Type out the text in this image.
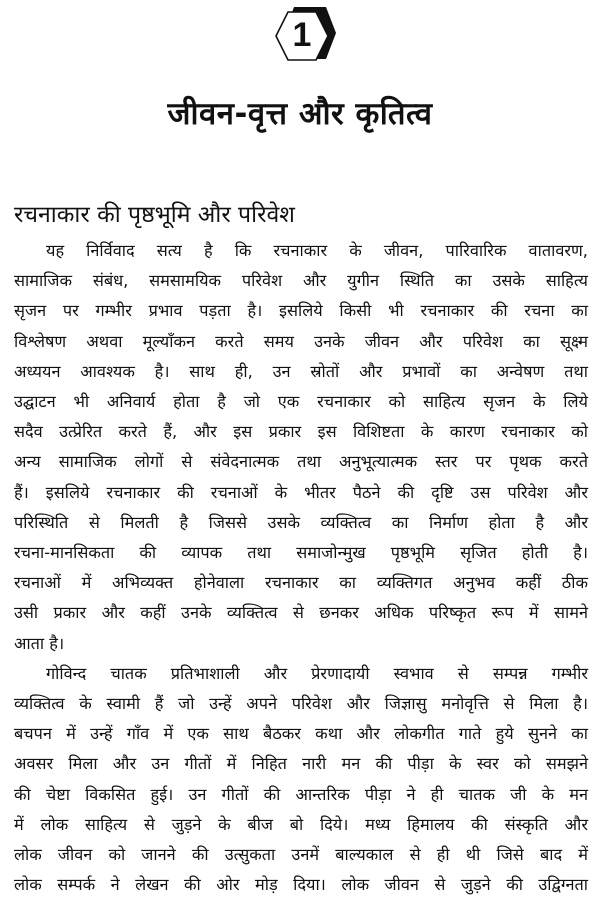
1
जीवन-वृत्त और कृतित्व
रचनाकार की पृष्ठभूमि और परिवेश

यह निर्विवाद सत्य है कि रचनाकार के जीवन, पारिवारिक वातावरण,
सामाजिक संबंध, समसामयिक परिवेश और युगीन स्थिति का उसके साहित्य
सृजन पर गम्भीर प्रभाव पड़ता है। इसलिये किसी भी रचनाकार की रचना का
विश्लेषण अथवा मूल्यॉंकन करते समय उनके जीवन और परिवेश का सूक्ष्म
अध्ययन आवश्यक है। साथ ही, उन स्रोतों और प्रभावों का अन्वेषण तथा
उद्घाटन भी अनिवार्य होता है जो एक रचनाकार को साहित्य सृजन के लिये
सदैव उत्प्रेरित करते हैं, और इस प्रकार इस विशिष्टता के कारण रचनाकार को
अन्य सामाजिक लोगों से संवेदनात्मक तथा अनुभूत्यात्मक स्तर पर पृथक करते
हैं। इसलिये रचनाकार की रचनाओं के भीतर पैठने की दृष्टि उस परिवेश और
परिस्थिति से मिलती है जिससे उसके व्यक्तित्व का निर्माण होता है और
रचना-मानसिकता की व्यापक तथा समाजोन्मुख पृष्ठभूमि सृजित होती है।
रचनाओं में अभिव्यक्त होनेवाला रचनाकार का व्यक्तिगत अनुभव कहीं ठीक
उसी प्रकार और कहीं उनके व्यक्तित्व से छनकर अधिक परिष्कृत रूप में सामने
आता है।

गोविन्द चातक प्रतिभाशाली और प्रेरणादायी स्वभाव से सम्पन्न गम्भीर
व्यक्तित्व के स्वामी हैं जो उन्हें अपने परिवेश और जिज्ञासु मनोवृत्ति से मिला है।
बचपन में उन्हें गाँव में एक साथ बैठकर कथा और लोकगीत गाते हुये सुनने का
अवसर मिला और उन गीतों में निहित नारी मन की पीड़ा के स्वर को समझने
की चेष्टा विकसित हुई। उन गीतों की आन्तरिक पीड़ा ने ही चातक जी के मन
में लोक साहित्य से जुड़ने के बीज बो दिये। मध्य हिमालय की संस्कृति और
लोक जीवन को जानने की उत्सुकता उनमें बाल्यकाल से ही थी जिसे बाद में
लोक सम्पर्क ने लेखन की ओर मोड़ दिया। लोक जीवन से जुड़ने की उद्विग्नता
